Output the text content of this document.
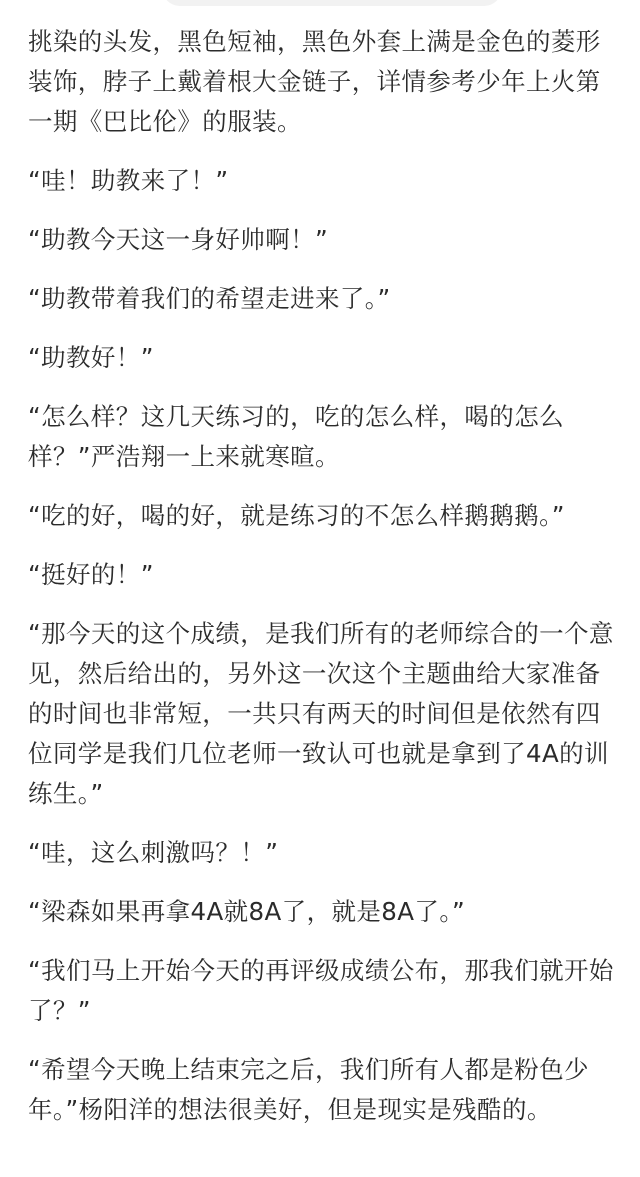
挑染的头发，黑色短袖，黑色外套上满是金色的菱形装饰，脖子上戴着根大金链子，详情参考少年上火第一期《巴比伦》的服装。

“哇！助教来了！”

“助教今天这一身好帅啊！”

“助教带着我们的希望走进来了。”

“助教好！”

“怎么样？这几天练习的，吃的怎么样，喝的怎么样？”严浩翔一上来就寒暄。

“吃的好，喝的好，就是练习的不怎么样鹅鹅鹅。”

“挺好的！”

“那今天的这个成绩，是我们所有的老师综合的一个意见，然后给出的，另外这一次这个主题曲给大家准备的时间也非常短，一共只有两天的时间但是依然有四位同学是我们几位老师一致认可也就是拿到了4A的训练生。”

“哇，这么刺激吗？！”

“梁森如果再拿4A就8A了，就是8A了。”

“我们马上开始今天的再评级成绩公布，那我们就开始了？”

“希望今天晚上结束完之后，我们所有人都是粉色少年。”杨阳洋的想法很美好，但是现实是残酷的。
